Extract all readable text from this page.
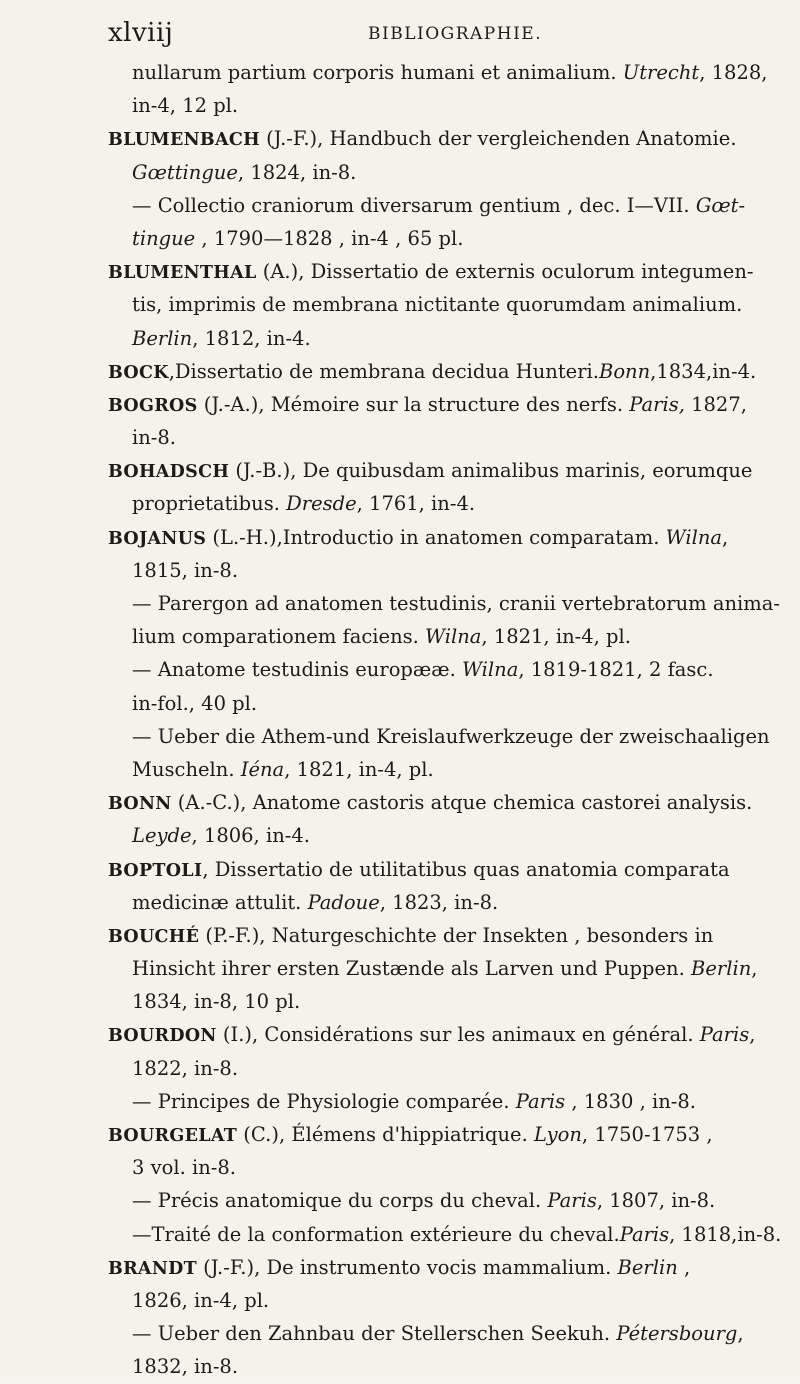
xlviij	BIBLIOGRAPHIE.
nullarum partium corporis humani et animalium. Utrecht, 1828,
in-4, 12 pl.
BLUMENBACH (J.-F.), Handbuch der vergleichenden Anatomie.
Gœttingue, 1824, in-8.
— Collectio craniorum diversarum gentium , dec. I—VII. Gœt-
tingue , 1790—1828 , in-4 , 65 pl.
BLUMENTHAL (A.), Dissertatio de externis oculorum integumen-
tis, imprimis de membrana nictitante quorumdam animalium.
Berlin, 1812, in-4.
BOCK,Dissertatio de membrana decidua Hunteri.Bonn,1834,in-4.
BOGROS (J.-A.), Mémoire sur la structure des nerfs. Paris, 1827,
in-8.
BOHADSCH (J.-B.), De quibusdam animalibus marinis, eorumque
proprietatibus. Dresde, 1761, in-4.
BOJANUS (L.-H.),Introductio in anatomen comparatam. Wilna,
1815, in-8.
— Parergon ad anatomen testudinis, cranii vertebratorum anima-
lium comparationem faciens. Wilna, 1821, in-4, pl.
— Anatome testudinis europææ. Wilna, 1819-1821, 2 fasc.
in-fol., 40 pl.
— Ueber die Athem-und Kreislaufwerkzeuge der zweischaaligen
Muscheln. Iéna, 1821, in-4, pl.
BONN (A.-C.), Anatome castoris atque chemica castorei analysis.
Leyde, 1806, in-4.
BOPTOLI, Dissertatio de utilitatibus quas anatomia comparata
medicinæ attulit. Padoue, 1823, in-8.
BOUCHÉ (P.-F.), Naturgeschichte der Insekten , besonders in
Hinsicht ihrer ersten Zustænde als Larven und Puppen. Berlin,
1834, in-8, 10 pl.
BOURDON (I.), Considérations sur les animaux en général. Paris,
1822, in-8.
— Principes de Physiologie comparée. Paris , 1830 , in-8.
BOURGELAT (C.), Élémens d'hippiatrique. Lyon, 1750-1753 ,
3 vol. in-8.
— Précis anatomique du corps du cheval. Paris, 1807, in-8.
—Traité de la conformation extérieure du cheval.Paris, 1818,in-8.
BRANDT (J.-F.), De instrumento vocis mammalium. Berlin ,
1826, in-4, pl.
— Ueber den Zahnbau der Stellerschen Seekuh. Pétersbourg,
1832, in-8.
